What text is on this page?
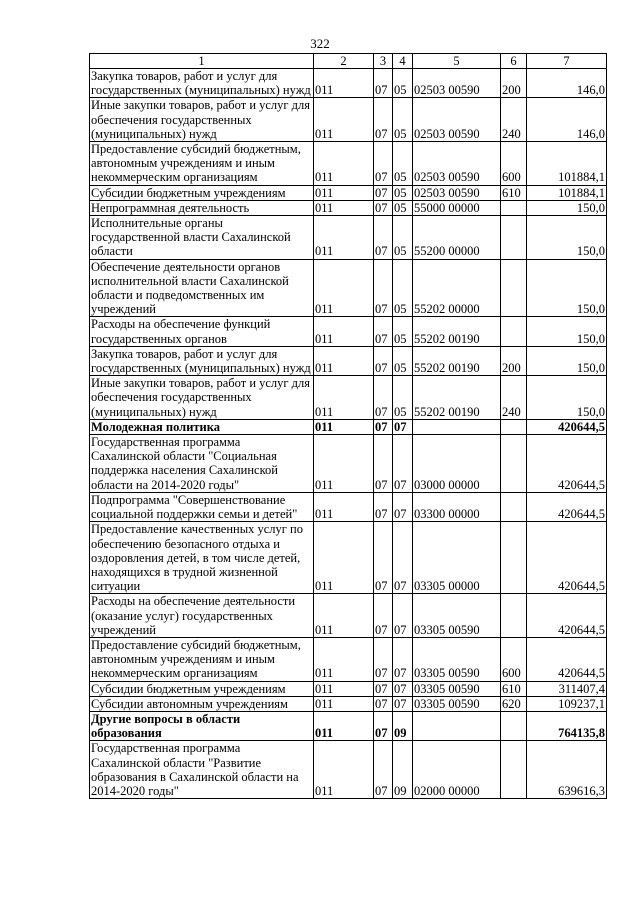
322
1	2	3	4	5	6	7
Закупка товаров, работ и услуг для государственных (муниципальных) нужд	011	07	05	02503 00590	200	146,0
Иные закупки товаров, работ и услуг для обеспечения государственных (муниципальных) нужд	011	07	05	02503 00590	240	146,0
Предоставление субсидий бюджетным, автономным учреждениям и иным некоммерческим организациям	011	07	05	02503 00590	600	101884,1
Субсидии бюджетным учреждениям	011	07	05	02503 00590	610	101884,1
Непрограммная деятельность	011	07	05	55000 00000		150,0
Исполнительные органы государственной власти Сахалинской области	011	07	05	55200 00000		150,0
Обеспечение деятельности органов исполнительной власти Сахалинской области и подведомственных им учреждений	011	07	05	55202 00000		150,0
Расходы на обеспечение функций государственных органов	011	07	05	55202 00190		150,0
Закупка товаров, работ и услуг для государственных (муниципальных) нужд	011	07	05	55202 00190	200	150,0
Иные закупки товаров, работ и услуг для обеспечения государственных (муниципальных) нужд	011	07	05	55202 00190	240	150,0
Молодежная политика	011	07	07			420644,5
Государственная программа Сахалинской области "Социальная поддержка населения Сахалинской области на 2014-2020 годы"	011	07	07	03000 00000		420644,5
Подпрограмма "Совершенствование социальной поддержки семьи и детей"	011	07	07	03300 00000		420644,5
Предоставление качественных услуг по обеспечению безопасного отдыха и оздоровления детей, в том числе детей, находящихся в трудной жизненной ситуации	011	07	07	03305 00000		420644,5
Расходы на обеспечение деятельности (оказание услуг) государственных учреждений	011	07	07	03305 00590		420644,5
Предоставление субсидий бюджетным, автономным учреждениям и иным некоммерческим организациям	011	07	07	03305 00590	600	420644,5
Субсидии бюджетным учреждениям	011	07	07	03305 00590	610	311407,4
Субсидии автономным учреждениям	011	07	07	03305 00590	620	109237,1
Другие вопросы в области образования	011	07	09			764135,8
Государственная программа Сахалинской области "Развитие образования в Сахалинской области на 2014-2020 годы"	011	07	09	02000 00000		639616,3
